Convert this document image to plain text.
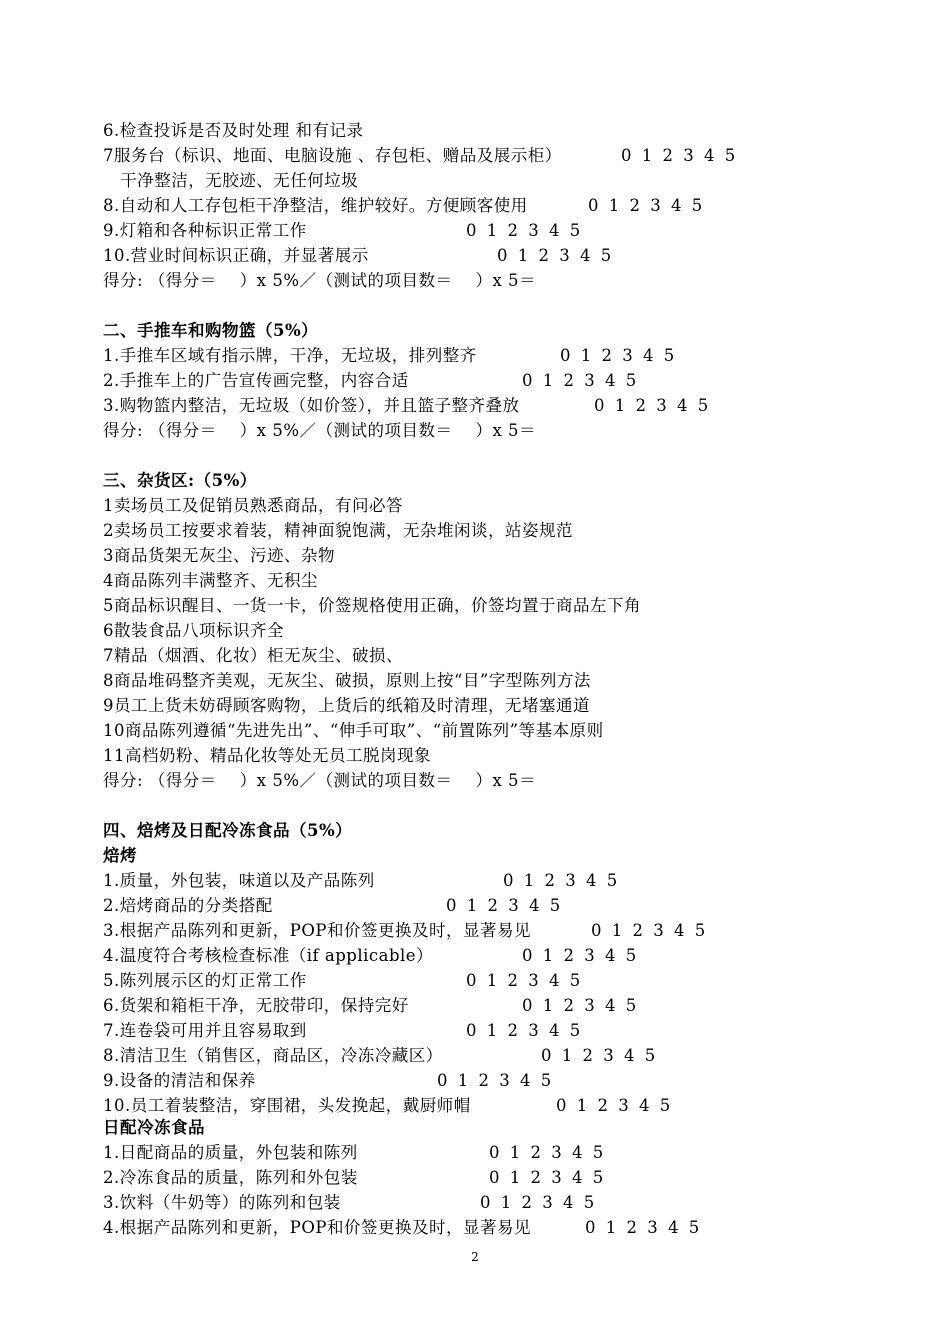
6.检查投诉是否及时处理 和有记录
7服务台（标识、地面、电脑设施 、存包柜、赠品及展示柜）	0 1 2 3 4 5
干净整洁，无胶迹、无任何垃圾
8.自动和人工存包柜干净整洁，维护较好。方便顾客使用	0 1 2 3 4 5
9.灯箱和各种标识正常工作	0 1 2 3 4 5
10.营业时间标识正确，并显著展示	0 1 2 3 4 5
得分: （得分＝    ）x 5%／（测试的项目数＝    ）x 5＝
二、手推车和购物篮（5%）
1.手推车区域有指示牌，干净，无垃圾，排列整齐	0 1 2 3 4 5
2.手推车上的广告宣传画完整，内容合适	0 1 2 3 4 5
3.购物篮内整洁，无垃圾（如价签），并且篮子整齐叠放	0 1 2 3 4 5
得分: （得分＝    ）x 5%／（测试的项目数＝    ）x 5＝
三、杂货区:（5%）
1卖场员工及促销员熟悉商品，有问必答
2卖场员工按要求着装，精神面貌饱满，无杂堆闲谈，站姿规范
3商品货架无灰尘、污迹、杂物
4商品陈列丰满整齐、无积尘
5商品标识醒目、一货一卡，价签规格使用正确，价签均置于商品左下角
6散装食品八项标识齐全
7精品（烟酒、化妆）柜无灰尘、破损、
8商品堆码整齐美观，无灰尘、破损，原则上按“目”字型陈列方法
9员工上货未妨碍顾客购物，上货后的纸箱及时清理，无堵塞通道
10商品陈列遵循“先进先出”、“伸手可取”、“前置陈列”等基本原则
11高档奶粉、精品化妆等处无员工脱岗现象
得分: （得分＝    ）x 5%／（测试的项目数＝    ）x 5＝
四、焙烤及日配冷冻食品（5%）
焙烤
1.质量，外包装，味道以及产品陈列	0 1 2 3 4 5
2.焙烤商品的分类搭配	0 1 2 3 4 5
3.根据产品陈列和更新，POP和价签更换及时，显著易见	0 1 2 3 4 5
4.温度符合考核检查标准（if applicable）	0 1 2 3 4 5
5.陈列展示区的灯正常工作	0 1 2 3 4 5
6.货架和箱柜干净，无胶带印，保持完好	0 1 2 3 4 5
7.连卷袋可用并且容易取到	0 1 2 3 4 5
8.清洁卫生（销售区，商品区，冷冻冷藏区）	0 1 2 3 4 5
9.设备的清洁和保养	0 1 2 3 4 5
10.员工着装整洁，穿围裙，头发挽起，戴厨师帽	0 1 2 3 4 5
日配冷冻食品
1.日配商品的质量，外包装和陈列	0 1 2 3 4 5
2.冷冻食品的质量，陈列和外包装	0 1 2 3 4 5
3.饮料（牛奶等）的陈列和包装	0 1 2 3 4 5
4.根据产品陈列和更新，POP和价签更换及时，显著易见	0 1 2 3 4 5
2
